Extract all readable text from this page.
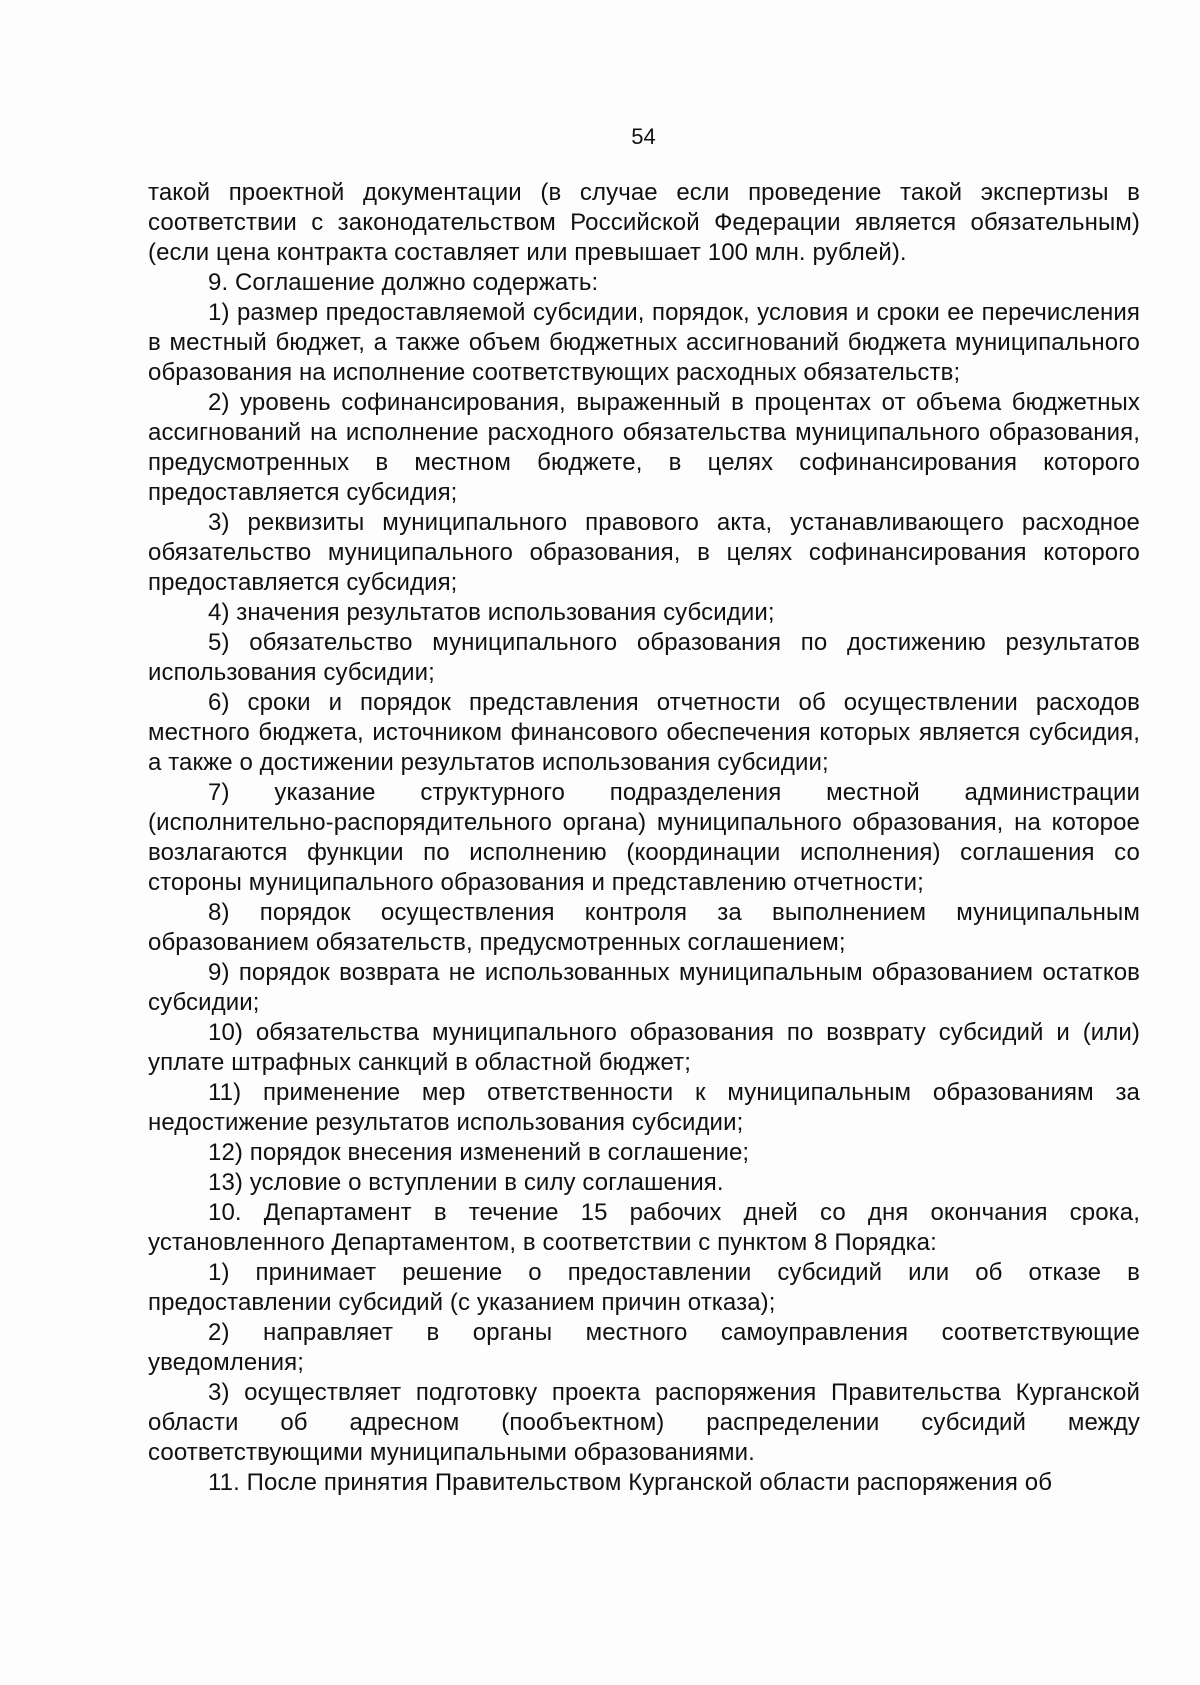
54

такой проектной документации (в случае если проведение такой экспертизы в соответствии с законодательством Российской Федерации является обязательным) (если цена контракта составляет или превышает 100 млн. рублей).

9. Соглашение должно содержать:

1) размер предоставляемой субсидии, порядок, условия и сроки ее перечисления в местный бюджет, а также объем бюджетных ассигнований бюджета муниципального образования на исполнение соответствующих расходных обязательств;

2) уровень софинансирования, выраженный в процентах от объема бюджетных ассигнований на исполнение расходного обязательства муниципального образования, предусмотренных в местном бюджете, в целях софинансирования которого предоставляется субсидия;

3) реквизиты муниципального правового акта, устанавливающего расходное обязательство муниципального образования, в целях софинансирования которого предоставляется субсидия;

4) значения результатов использования субсидии;

5) обязательство муниципального образования по достижению результатов использования субсидии;

6) сроки и порядок представления отчетности об осуществлении расходов местного бюджета, источником финансового обеспечения которых является субсидия, а также о достижении результатов использования субсидии;

7) указание структурного подразделения местной администрации (исполнительно-распорядительного органа) муниципального образования, на которое возлагаются функции по исполнению (координации исполнения) соглашения со стороны муниципального образования и представлению отчетности;

8) порядок осуществления контроля за выполнением муниципальным образованием обязательств, предусмотренных соглашением;

9) порядок возврата не использованных муниципальным образованием остатков субсидии;

10) обязательства муниципального образования по возврату субсидий и (или) уплате штрафных санкций в областной бюджет;

11) применение мер ответственности к муниципальным образованиям за недостижение результатов использования субсидии;

12) порядок внесения изменений в соглашение;

13) условие о вступлении в силу соглашения.

10. Департамент в течение 15 рабочих дней со дня окончания срока, установленного Департаментом, в соответствии с пунктом 8 Порядка:

1) принимает решение о предоставлении субсидий или об отказе в предоставлении субсидий (с указанием причин отказа);

2) направляет в органы местного самоуправления соответствующие уведомления;

3) осуществляет подготовку проекта распоряжения Правительства Курганской области об адресном (пообъектном) распределении субсидий между соответствующими муниципальными образованиями.

11. После принятия Правительством Курганской области распоряжения об
